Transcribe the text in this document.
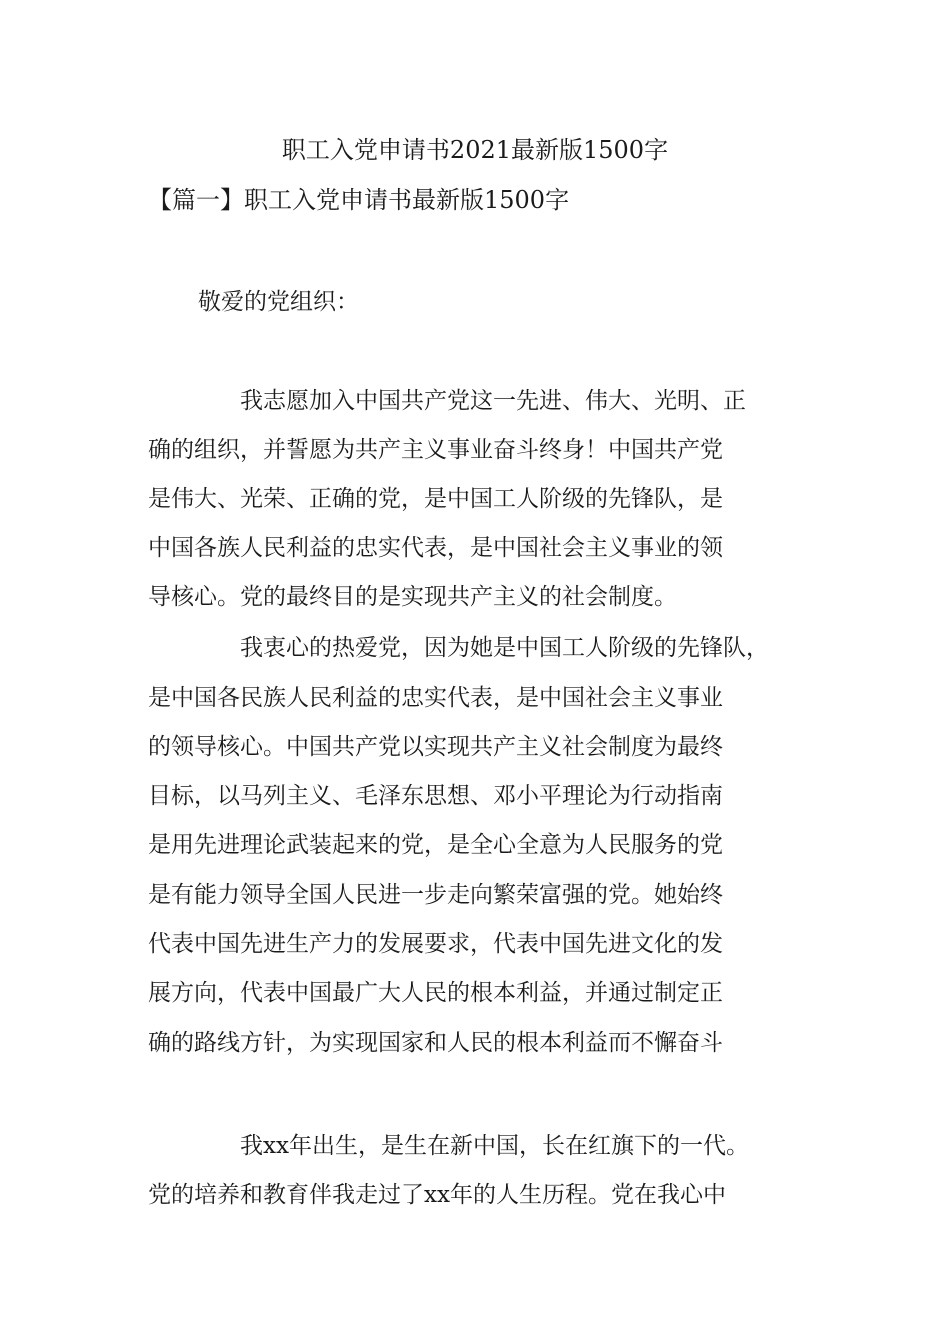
职工入党申请书2021最新版1500字
【篇一】职工入党申请书最新版1500字
敬爱的党组织：
我志愿加入中国共产党这一先进、伟大、光明、正
确的组织，并誓愿为共产主义事业奋斗终身！中国共产党
是伟大、光荣、正确的党，是中国工人阶级的先锋队，是
中国各族人民利益的忠实代表，是中国社会主义事业的领
导核心。党的最终目的是实现共产主义的社会制度。
我衷心的热爱党，因为她是中国工人阶级的先锋队，
是中国各民族人民利益的忠实代表，是中国社会主义事业
的领导核心。中国共产党以实现共产主义社会制度为最终
目标，以马列主义、毛泽东思想、邓小平理论为行动指南
是用先进理论武装起来的党，是全心全意为人民服务的党
是有能力领导全国人民进一步走向繁荣富强的党。她始终
代表中国先进生产力的发展要求，代表中国先进文化的发
展方向，代表中国最广大人民的根本利益，并通过制定正
确的路线方针，为实现国家和人民的根本利益而不懈奋斗
我xx年出生，是生在新中国，长在红旗下的一代。
党的培养和教育伴我走过了xx年的人生历程。党在我心中
